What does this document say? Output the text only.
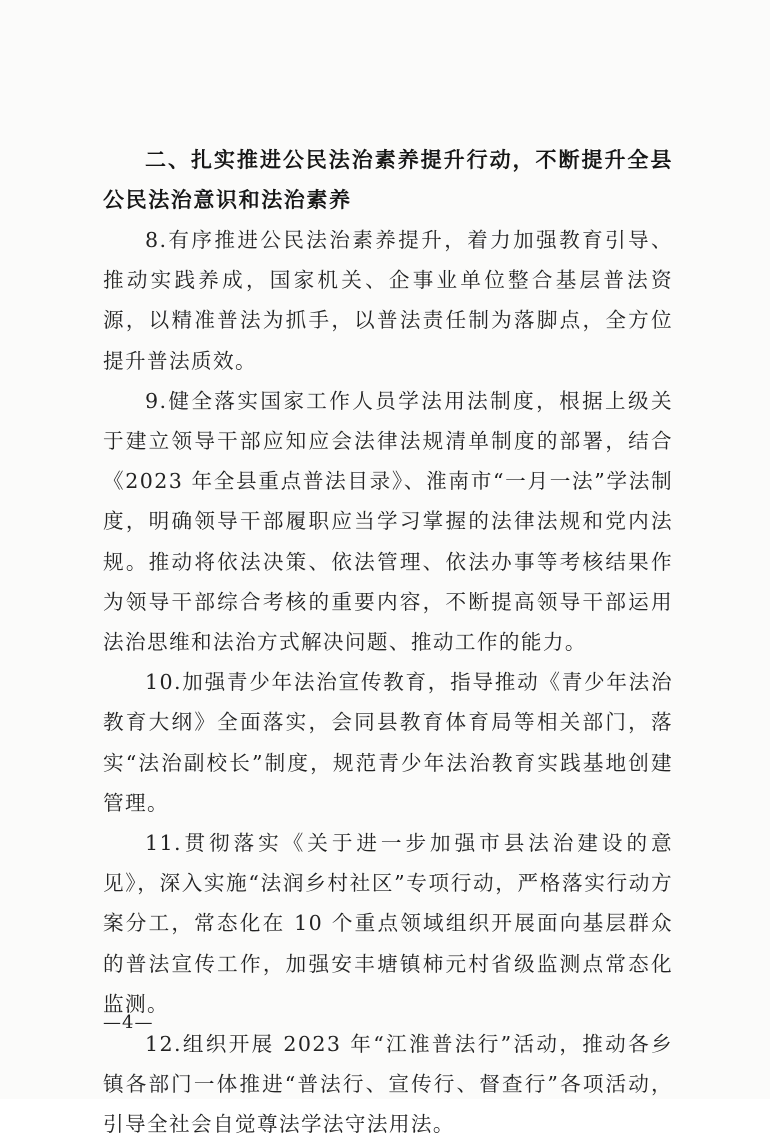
二、扎实推进公民法治素养提升行动，不断提升全县公民法治意识和法治素养

8.有序推进公民法治素养提升，着力加强教育引导、推动实践养成，国家机关、企事业单位整合基层普法资源，以精准普法为抓手，以普法责任制为落脚点，全方位提升普法质效。

9.健全落实国家工作人员学法用法制度，根据上级关于建立领导干部应知应会法律法规清单制度的部署，结合《2023 年全县重点普法目录》、淮南市“一月一法”学法制度，明确领导干部履职应当学习掌握的法律法规和党内法规。推动将依法决策、依法管理、依法办事等考核结果作为领导干部综合考核的重要内容，不断提高领导干部运用法治思维和法治方式解决问题、推动工作的能力。

10.加强青少年法治宣传教育，指导推动《青少年法治教育大纲》全面落实，会同县教育体育局等相关部门，落实“法治副校长”制度，规范青少年法治教育实践基地创建管理。

11.贯彻落实《关于进一步加强市县法治建设的意见》，深入实施“法润乡村社区”专项行动，严格落实行动方案分工，常态化在 10 个重点领域组织开展面向基层群众的普法宣传工作，加强安丰塘镇柿元村省级监测点常态化监测。

12.组织开展 2023 年“江淮普法行”活动，推动各乡镇各部门一体推进“普法行、宣传行、督查行”各项活动，引导全社会自觉尊法学法守法用法。

—4—
